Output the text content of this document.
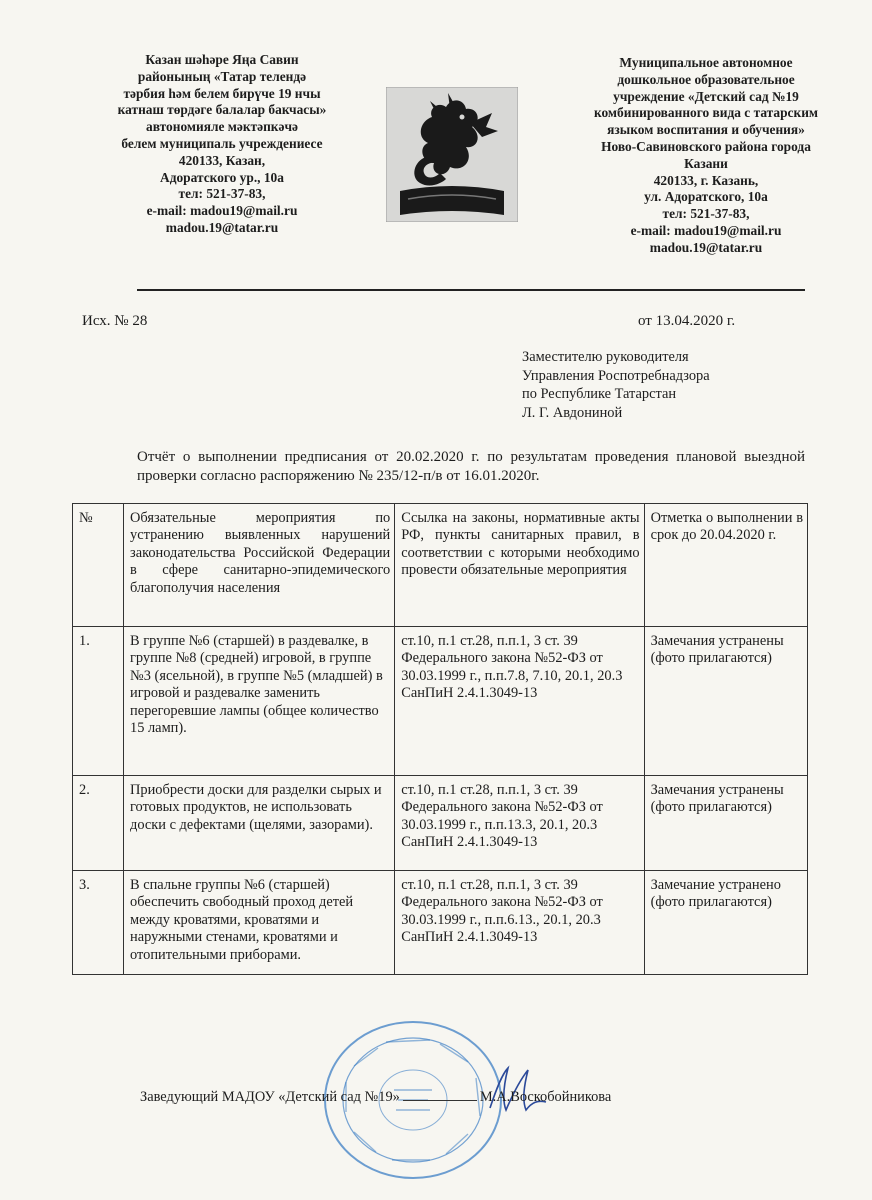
Казан шәһәре Яңа Савин
районының «Татар телендә
тәрбия һәм белем бирүче 19 нчы
катнаш төрдәге балалар бакчасы»
автономияле мәктәпкәчә
белем муниципаль учреждениесе
420133, Казан,
Адоратского ур., 10а
тел: 521-37-83,
e-mail: madou19@mail.ru
madou.19@tatar.ru
Муниципальное автономное
дошкольное образовательное
учреждение «Детский сад №19
комбинированного вида с татарским
языком воспитания и обучения»
Ново-Савиновского района города
Казани
420133, г. Казань,
ул. Адоратского, 10а
тел: 521-37-83,
e-mail: madou19@mail.ru
madou.19@tatar.ru
Исх. № 28	от 13.04.2020 г.
Заместителю руководителя
Управления Роспотребнадзора
по Республике Татарстан
Л. Г. Авдониной
Отчёт о выполнении предписания от 20.02.2020 г. по результатам проведения плановой выездной проверки согласно распоряжению № 235/12-п/в от 16.01.2020г.
№	Обязательные мероприятия по устранению выявленных нарушений законодательства Российской Федерации в сфере санитарно-эпидемического благополучия населения	Ссылка на законы, нормативные акты РФ, пункты санитарных правил, в соответствии с которыми необходимо провести обязательные мероприятия	Отметка о выполнении в срок до 20.04.2020 г.
1.	В группе №6 (старшей) в раздевалке, в группе №8 (средней) игровой, в группе №3 (ясельной), в группе №5 (младшей) в игровой и раздевалке заменить перегоревшие лампы (общее количество 15 ламп).	ст.10, п.1 ст.28, п.п.1, 3 ст. 39 Федерального закона №52-ФЗ от 30.03.1999 г., п.п.7.8, 7.10, 20.1, 20.3 СанПиН 2.4.1.3049-13	Замечания устранены (фото прилагаются)
2.	Приобрести доски для разделки сырых и готовых продуктов, не использовать доски с дефектами (щелями, зазорами).	ст.10, п.1 ст.28, п.п.1, 3 ст. 39 Федерального закона №52-ФЗ от 30.03.1999 г., п.п.13.3, 20.1, 20.3 СанПиН 2.4.1.3049-13	Замечания устранены (фото прилагаются)
3.	В спальне группы №6 (старшей) обеспечить свободный проход детей между кроватями, кроватями и наружными стенами, кроватями и отопительными приборами.	ст.10, п.1 ст.28, п.п.1, 3 ст. 39 Федерального закона №52-ФЗ от 30.03.1999 г., п.п.6.13., 20.1, 20.3 СанПиН 2.4.1.3049-13	Замечание устранено (фото прилагаются)
Заведующий МАДОУ «Детский сад №19»	М.А.Воскобойникова
